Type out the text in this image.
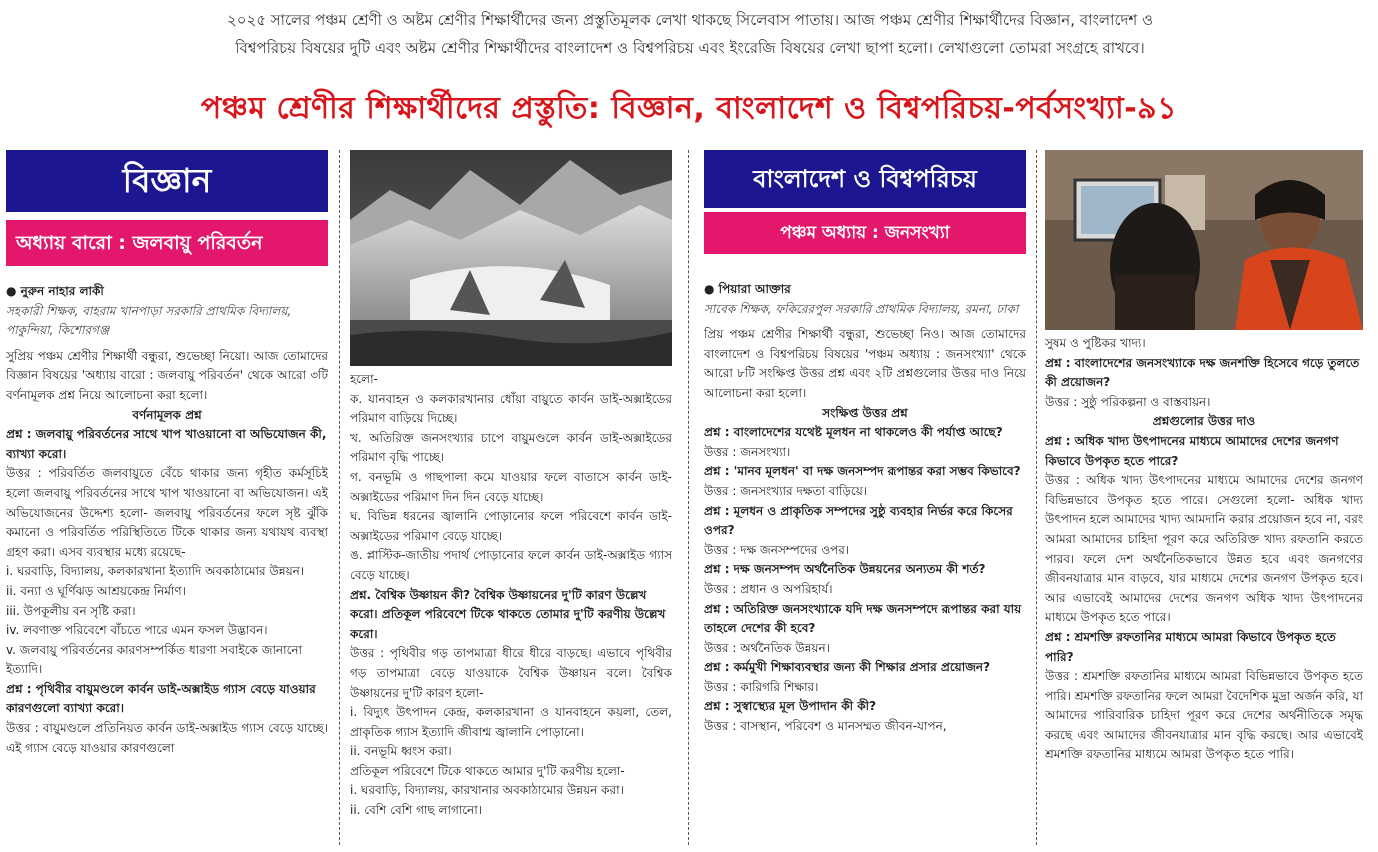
২০২৫ সালের পঞ্চম শ্রেণী ও অষ্টম শ্রেণীর শিক্ষার্থীদের জন্য প্রস্তুতিমূলক লেখা থাকছে সিলেবাস পাতায়। আজ পঞ্চম শ্রেণীর শিক্ষার্থীদের বিজ্ঞান, বাংলাদেশ ও
বিশ্বপরিচয় বিষয়ের দুটি এবং অষ্টম শ্রেণীর শিক্ষার্থীদের বাংলাদেশ ও বিশ্বপরিচয় এবং ইংরেজি বিষয়ের লেখা ছাপা হলো। লেখাগুলো তোমরা সংগ্রহে রাখবে।
পঞ্চম শ্রেণীর শিক্ষার্থীদের প্রস্তুতি: বিজ্ঞান, বাংলাদেশ ও বিশ্বপরিচয়-পর্বসংখ্যা-৯১
বিজ্ঞান
অধ্যায় বারো : জলবায়ু পরিবর্তন

● নুরুন নাহার লাকী

সহকারী শিক্ষক, বাহরাম খানপাড়া সরকারি প্রাথমিক বিদ্যালয়, পাকুন্দিয়া, কিশোরগঞ্জ

সুপ্রিয় পঞ্চম শ্রেণীর শিক্ষার্থী বন্ধুরা, শুভেচ্ছা নিয়ো। আজ তোমাদের বিজ্ঞান বিষয়ের 'অধ্যায় বারো : জলবায়ু পরিবর্তন' থেকে আরো ৩টি বর্ণনামূলক প্রশ্ন নিয়ে আলোচনা করা হলো।

বর্ণনামূলক প্রশ্ন

প্রশ্ন : জলবায়ু পরিবর্তনের সাথে খাপ খাওয়ানো বা অভিযোজন কী, ব্যাখ্যা করো।

উত্তর : পরিবর্তিত জলবায়ুতে বেঁচে থাকার জন্য গৃহীত কর্মসূচিই হলো জলবায়ু পরিবর্তনের সাথে খাপ খাওয়ানো বা অভিযোজন। এই অভিযোজনের উদ্দেশ্য হলো- জলবায়ু পরিবর্তনের ফলে সৃষ্ট ঝুঁকি কমানো ও পরিবর্তিত পরিস্থিতিতে টিকে থাকার জন্য যথাযথ ব্যবস্থা গ্রহণ করা। এসব ব্যবস্থার মধ্যে রয়েছে-

i. ঘরবাড়ি, বিদ্যালয়, কলকারখানা ইত্যাদি অবকাঠামোর উন্নয়ন।

ii. বন্যা ও ঘূর্ণিঝড় আশ্রয়কেন্দ্র নির্মাণ।

iii. উপকূলীয় বন সৃষ্টি করা।

iv. লবণাক্ত পরিবেশে বাঁচতে পারে এমন ফসল উদ্ভাবন।

v. জলবায়ু পরিবর্তনের কারণসম্পর্কিত ধারণা সবাইকে জানানো ইত্যাদি।

প্রশ্ন : পৃথিবীর বায়ুমণ্ডলে কার্বন ডাই-অক্সাইড গ্যাস বেড়ে যাওয়ার কারণগুলো ব্যাখ্যা করো।

উত্তর : বায়ুমণ্ডলে প্রতিনিয়ত কার্বন ডাই-অক্সাইড গ্যাস বেড়ে যাচ্ছে। এই গ্যাস বেড়ে যাওয়ার কারণগুলো

হলো-

ক. যানবাহন ও কলকারখানার ধোঁয়া বায়ুতে কার্বন ডাই-অক্সাইডের পরিমাণ বাড়িয়ে দিচ্ছে।

খ. অতিরিক্ত জনসংখ্যার চাপে বায়ুমণ্ডলে কার্বন ডাই-অক্সাইডের পরিমাণ বৃদ্ধি পাচ্ছে।

গ. বনভূমি ও গাছপালা কমে যাওয়ার ফলে বাতাসে কার্বন ডাই-অক্সাইডের পরিমাণ দিন দিন বেড়ে যাচ্ছে।

ঘ. বিভিন্ন ধরনের জ্বালানি পোড়ানোর ফলে পরিবেশে কার্বন ডাই-অক্সাইডের পরিমাণ বেড়ে যাচ্ছে।

ঙ. প্লাস্টিক-জাতীয় পদার্থ পোড়ানোর ফলে কার্বন ডাই-অক্সাইড গ্যাস বেড়ে যাচ্ছে।

প্রশ্ন. বৈশ্বিক উষ্ণায়ন কী? বৈশ্বিক উষ্ণায়নের দু'টি কারণ উল্লেখ করো। প্রতিকূল পরিবেশে টিকে থাকতে তোমার দু'টি করণীয় উল্লেখ করো।

উত্তর : পৃথিবীর গড় তাপমাত্রা ধীরে ধীরে বাড়ছে। এভাবে পৃথিবীর গড় তাপমাত্রা বেড়ে যাওয়াকে বৈশ্বিক উষ্ণায়ন বলে। বৈশ্বিক উষ্ণায়নের দু'টি কারণ হলো-

i. বিদ্যুৎ উৎপাদন কেন্দ্র, কলকারখানা ও যানবাহনে কয়লা, তেল, প্রাকৃতিক গ্যাস ইত্যাদি জীবাশ্ম জ্বালানি পোড়ানো।

ii. বনভূমি ধ্বংস করা।

প্রতিকূল পরিবেশে টিকে থাকতে আমার দু'টি করণীয় হলো-

i. ঘরবাড়ি, বিদ্যালয়, কারখানার অবকাঠামোর উন্নয়ন করা।

ii. বেশি বেশি গাছ লাগানো।

বাংলাদেশ ও বিশ্বপরিচয়
পঞ্চম অধ্যায় : জনসংখ্যা

● পিয়ারা আক্তার

সাবেক শিক্ষক, ফকিরেরপুল সরকারি প্রাথমিক বিদ্যালয়, রমনা, ঢাকা

প্রিয় পঞ্চম শ্রেণীর শিক্ষার্থী বন্ধুরা, শুভেচ্ছা নিও। আজ তোমাদের বাংলাদেশ ও বিশ্বপরিচয় বিষয়ের 'পঞ্চম অধ্যায় : জনসংখ্যা' থেকে আরো ৮টি সংক্ষিপ্ত উত্তর প্রশ্ন এবং ২টি প্রশ্নগুলোর উত্তর দাও নিয়ে আলোচনা করা হলো।

সংক্ষিপ্ত উত্তর প্রশ্ন

প্রশ্ন : বাংলাদেশের যথেষ্ট মূলধন না থাকলেও কী পর্যাপ্ত আছে?

উত্তর : জনসংখ্যা।

প্রশ্ন : 'মানব মূলধন' বা দক্ষ জনসম্পদ রূপান্তর করা সম্ভব কিভাবে?

উত্তর : জনসংখ্যার দক্ষতা বাড়িয়ে।

প্রশ্ন : মূলধন ও প্রাকৃতিক সম্পদের সুষ্ঠু ব্যবহার নির্ভর করে কিসের ওপর?

উত্তর : দক্ষ জনসম্পদের ওপর।

প্রশ্ন : দক্ষ জনসম্পদ অর্থনৈতিক উন্নয়নের অন্যতম কী শর্ত?

উত্তর : প্রধান ও অপরিহার্য।

প্রশ্ন : অতিরিক্ত জনসংখ্যাকে যদি দক্ষ জনসম্পদে রূপান্তর করা যায় তাহলে দেশের কী হবে?

উত্তর : অর্থনৈতিক উন্নয়ন।

প্রশ্ন : কর্মমুখী শিক্ষাব্যবস্থার জন্য কী শিক্ষার প্রসার প্রয়োজন?

উত্তর : কারিগরি শিক্ষার।

প্রশ্ন : সুস্বাস্থ্যের মূল উপাদান কী কী?

উত্তর : বাসস্থান, পরিবেশ ও মানসম্মত জীবন-যাপন,

সুষম ও পুষ্টিকর খাদ্য।

প্রশ্ন : বাংলাদেশের জনসংখ্যাকে দক্ষ জনশক্তি হিসেবে গড়ে তুলতে কী প্রয়োজন?

উত্তর : সুষ্ঠু পরিকল্পনা ও বাস্তবায়ন।

প্রশ্নগুলোর উত্তর দাও

প্রশ্ন : অধিক খাদ্য উৎপাদনের মাধ্যমে আমাদের দেশের জনগণ কিভাবে উপকৃত হতে পারে?

উত্তর : অধিক খাদ্য উৎপাদনের মাধ্যমে আমাদের দেশের জনগণ বিভিন্নভাবে উপকৃত হতে পারে। সেগুলো হলো- অধিক খাদ্য উৎপাদন হলে আমাদের খাদ্য আমদানি করার প্রয়োজন হবে না, বরং আমরা আমাদের চাহিদা পূরণ করে অতিরিক্ত খাদ্য রফতানি করতে পারব। ফলে দেশ অর্থনৈতিকভাবে উন্নত হবে এবং জনগণের জীবনযাত্রার মান বাড়বে, যার মাধ্যমে দেশের জনগণ উপকৃত হবে। আর এভাবেই আমাদের দেশের জনগণ অধিক খাদ্য উৎপাদনের মাধ্যমে উপকৃত হতে পারে।

প্রশ্ন : শ্রমশক্তি রফতানির মাধ্যমে আমরা কিভাবে উপকৃত হতে পারি?

উত্তর : শ্রমশক্তি রফতানির মাধ্যমে আমরা বিভিন্নভাবে উপকৃত হতে পারি। শ্রমশক্তি রফতানির ফলে আমরা বৈদেশিক মুদ্রা অর্জন করি, যা আমাদের পারিবারিক চাহিদা পূরণ করে দেশের অর্থনীতিকে সমৃদ্ধ করছে এবং আমাদের জীবনযাত্রার মান বৃদ্ধি করছে। আর এভাবেই শ্রমশক্তি রফতানির মাধ্যমে আমরা উপকৃত হতে পারি।
